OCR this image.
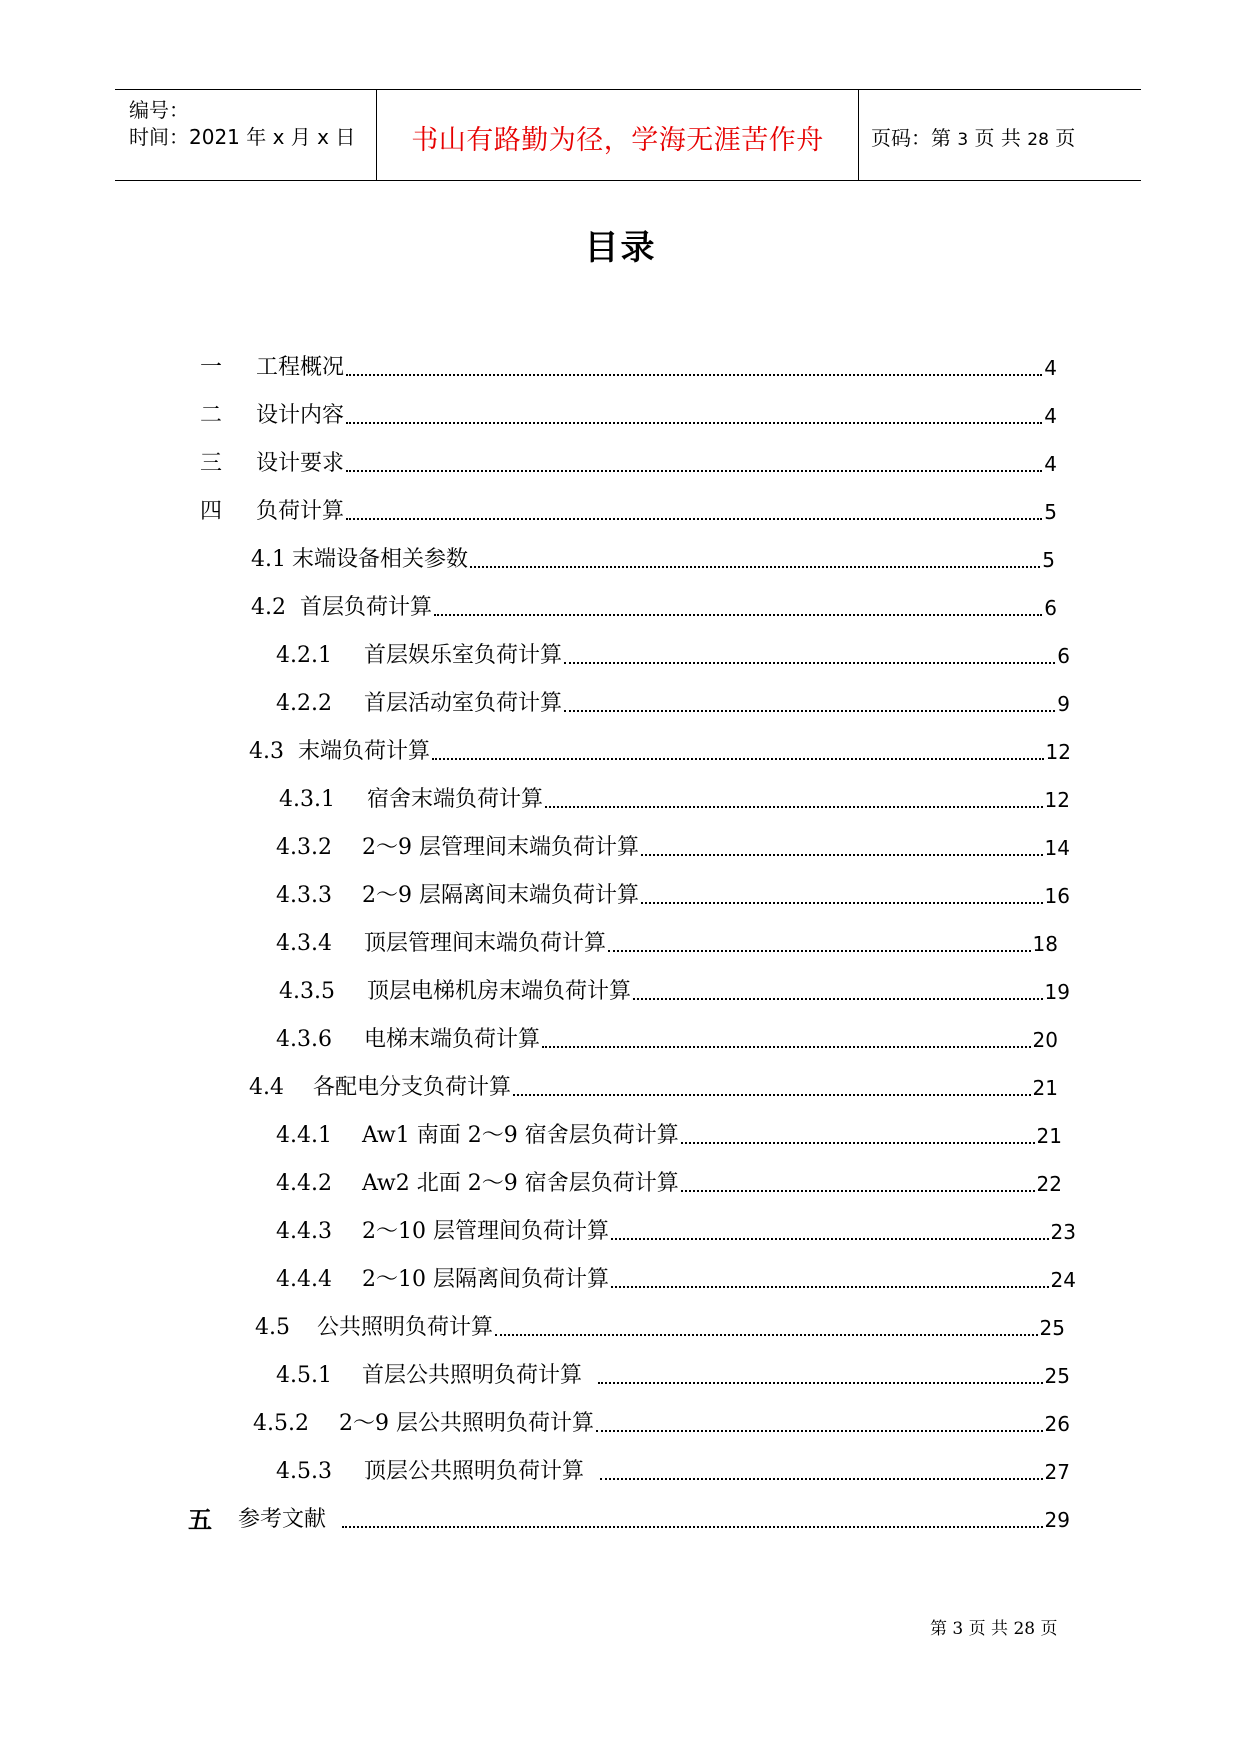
编号：
时间：2021 年 x 月 x 日	书山有路勤为径，学海无涯苦作舟	页码：第 3 页 共 28 页
目录
一	工程概况	4
二	设计内容	4
三	设计要求	4
四	负荷计算	5
4.1 末端设备相关参数	5
4.2 首层负荷计算	6
4.2.1	首层娱乐室负荷计算	6
4.2.2	首层活动室负荷计算	9
4.3 末端负荷计算	12
4.3.1	宿舍末端负荷计算	12
4.3.2	2～9 层管理间末端负荷计算	14
4.3.3	2～9 层隔离间末端负荷计算	16
4.3.4	顶层管理间末端负荷计算	18
4.3.5	顶层电梯机房末端负荷计算	19
4.3.6	电梯末端负荷计算	20
4.4	各配电分支负荷计算	21
4.4.1	Aw1 南面 2～9 宿舍层负荷计算	21
4.4.2	Aw2 北面 2～9 宿舍层负荷计算	22
4.4.3	2～10 层管理间负荷计算	23
4.4.4	2～10 层隔离间负荷计算	24
4.5	公共照明负荷计算	25
4.5.1	首层公共照明负荷计算	25
4.5.2	2～9 层公共照明负荷计算	26
4.5.3	顶层公共照明负荷计算	27
五	参考文献	29
第 3 页 共 28 页
